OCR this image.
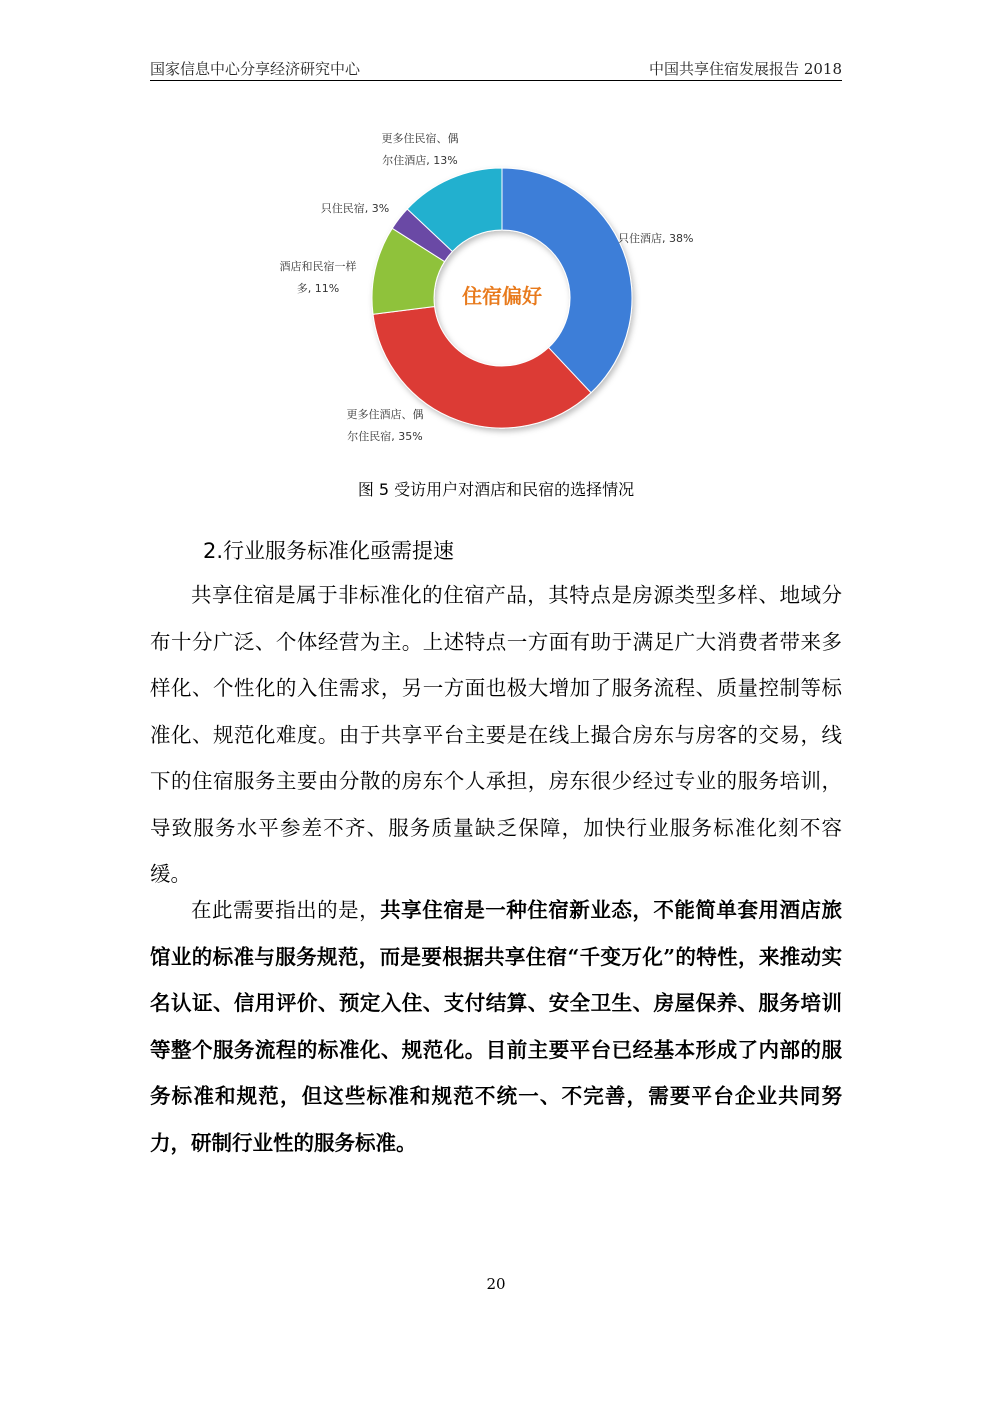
国家信息中心分享经济研究中心	中国共享住宿发展报告 2018
只住酒店, 38%
更多住酒店、偶尔住民宿, 35%
酒店和民宿一样多, 11%
只住民宿, 3%
更多住民宿、偶尔住酒店, 13%
住宿偏好
图 5 受访用户对酒店和民宿的选择情况
2.行业服务标准化亟需提速

共享住宿是属于非标准化的住宿产品，其特点是房源类型多样、地域分布十分广泛、个体经营为主。上述特点一方面有助于满足广大消费者带来多样化、个性化的入住需求，另一方面也极大增加了服务流程、质量控制等标准化、规范化难度。由于共享平台主要是在线上撮合房东与房客的交易，线下的住宿服务主要由分散的房东个人承担，房东很少经过专业的服务培训，导致服务水平参差不齐、服务质量缺乏保障，加快行业服务标准化刻不容缓。

在此需要指出的是，共享住宿是一种住宿新业态，不能简单套用酒店旅馆业的标准与服务规范，而是要根据共享住宿“千变万化”的特性，来推动实名认证、信用评价、预定入住、支付结算、安全卫生、房屋保养、服务培训等整个服务流程的标准化、规范化。目前主要平台已经基本形成了内部的服务标准和规范，但这些标准和规范不统一、不完善，需要平台企业共同努力，研制行业性的服务标准。

20
